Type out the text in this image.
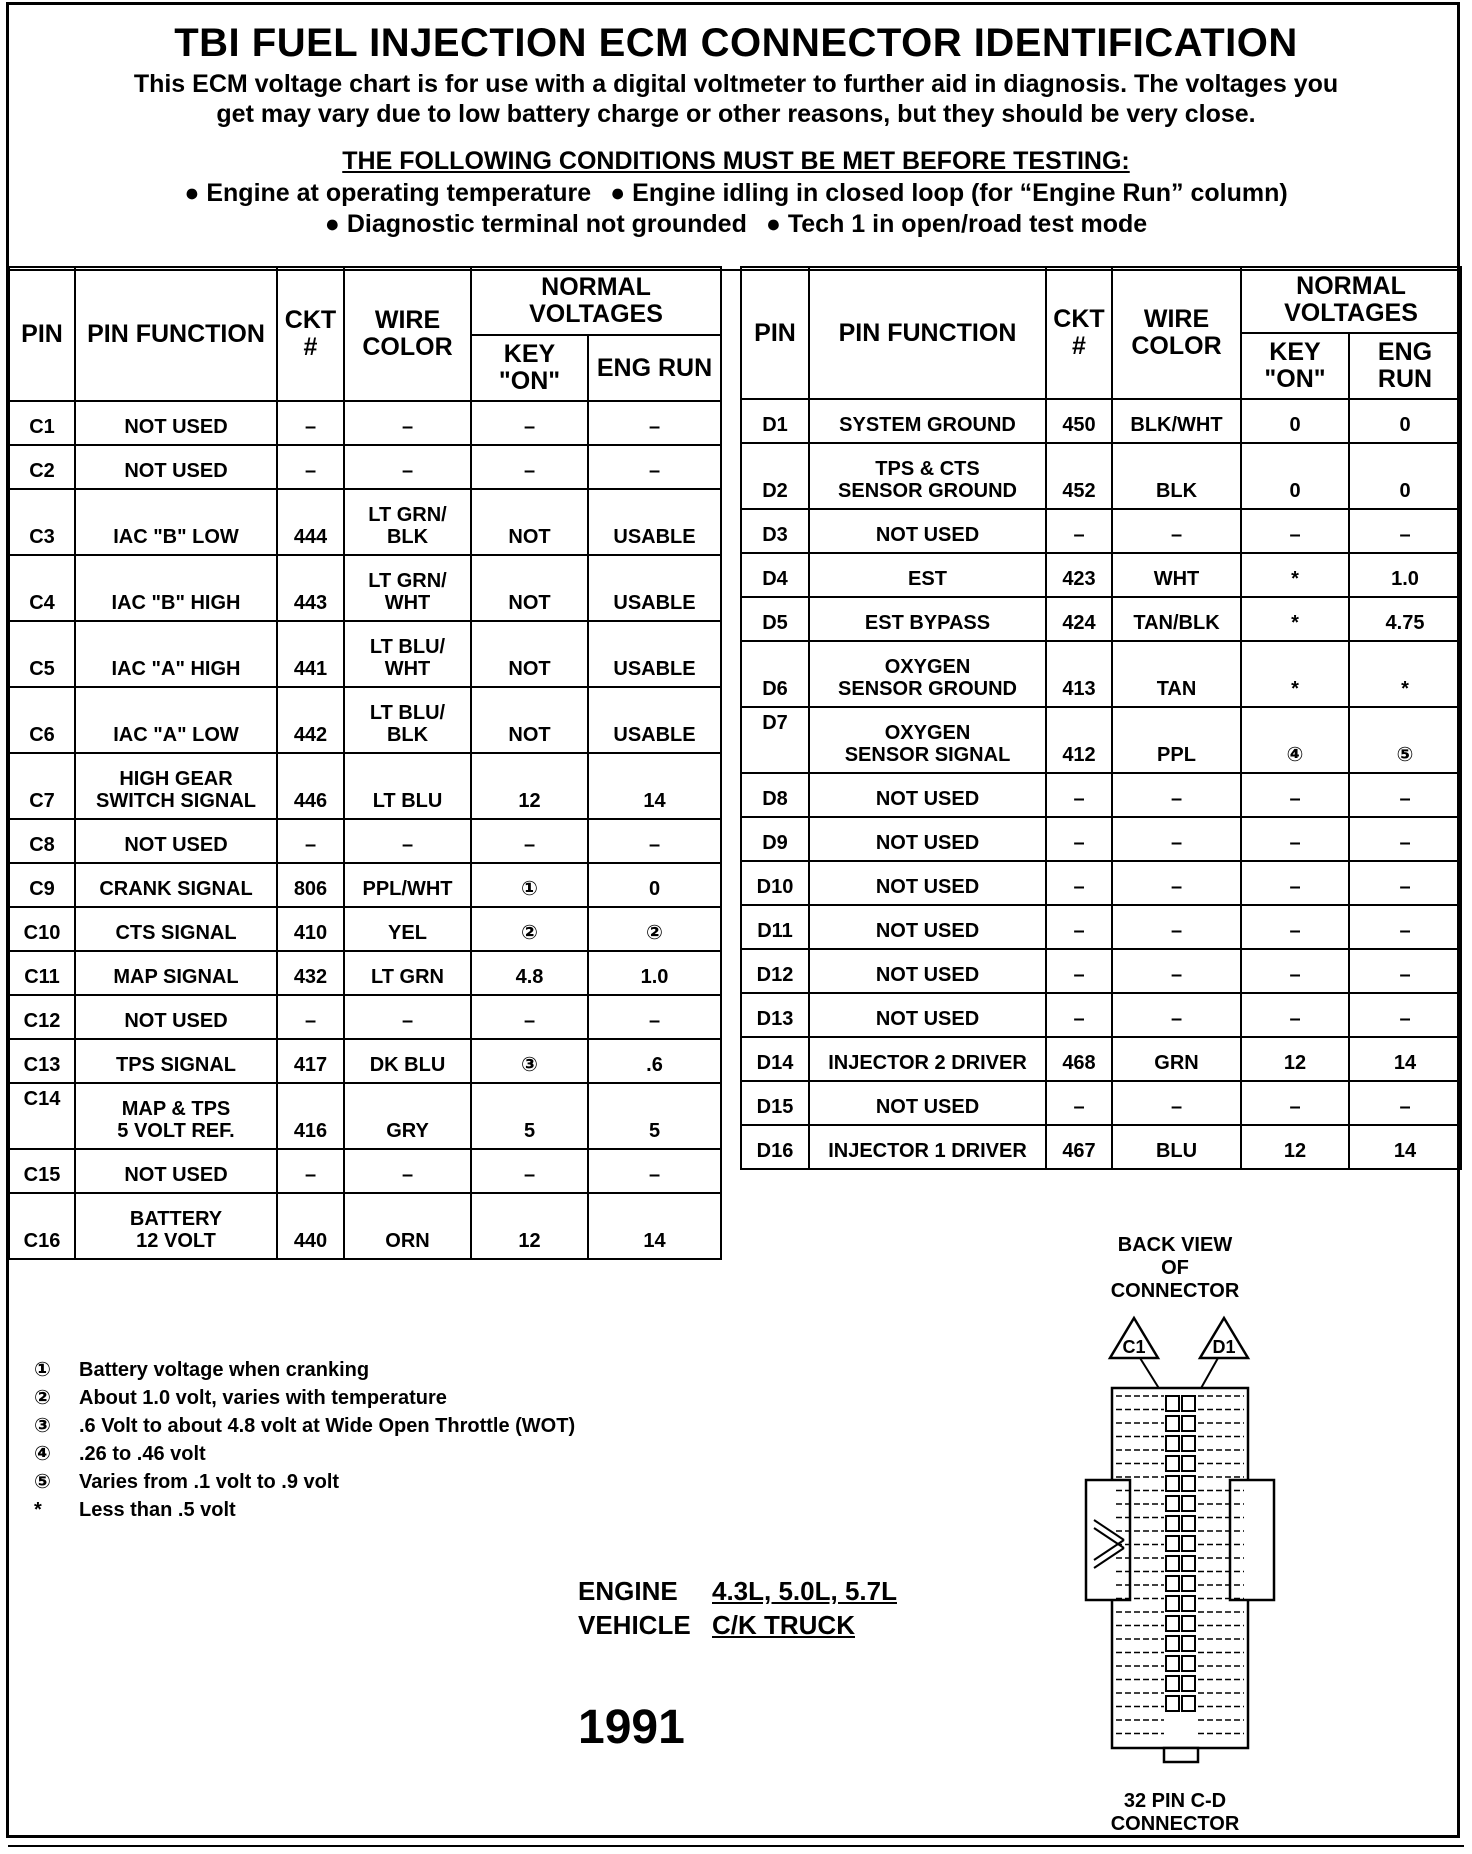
TBI FUEL INJECTION ECM CONNECTOR IDENTIFICATION
This ECM voltage chart is for use with a digital voltmeter to further aid in diagnosis. The voltages you
get may vary due to low battery charge or other reasons, but they should be very close.
THE FOLLOWING CONDITIONS MUST BE MET BEFORE TESTING:
● Engine at operating temperature ● Engine idling in closed loop (for “Engine Run” column)
● Diagnostic terminal not grounded ● Tech 1 in open/road test mode
PIN	PIN FUNCTION	CKT #	WIRE COLOR	NORMAL VOLTAGES	
				KEY "ON"	ENG RUN
C1	NOT USED	–	–	–	–
C2	NOT USED	–	–	–	–
C3	IAC "B" LOW	444	LT GRN/
BLK	NOT	USABLE
C4	IAC "B" HIGH	443	LT GRN/
WHT	NOT	USABLE
C5	IAC "A" HIGH	441	LT BLU/
WHT	NOT	USABLE
C6	IAC "A" LOW	442	LT BLU/
BLK	NOT	USABLE
C7	HIGH GEAR
SWITCH SIGNAL	446	LT BLU	12	14
C8	NOT USED	–	–	–	–
C9	CRANK SIGNAL	806	PPL/WHT	①	0
C10	CTS SIGNAL	410	YEL	②	②
C11	MAP SIGNAL	432	LT GRN	4.8	1.0
C12	NOT USED	–	–	–	–
C13	TPS SIGNAL	417	DK BLU	③	.6
C14	MAP & TPS
5 VOLT REF.	416	GRY	5	5
C15	NOT USED	–	–	–	–
C16	BATTERY
12 VOLT	440	ORN	12	14
PIN	PIN FUNCTION	CKT #	WIRE COLOR	NORMAL VOLTAGES	
				KEY "ON"	ENG RUN
D1	SYSTEM GROUND	450	BLK/WHT	0	0
D2	TPS & CTS
SENSOR GROUND	452	BLK	0	0
D3	NOT USED	–	–	–	–
D4	EST	423	WHT	*	1.0
D5	EST BYPASS	424	TAN/BLK	*	4.75
D6	OXYGEN
SENSOR GROUND	413	TAN	*	*
D7	OXYGEN
SENSOR SIGNAL	412	PPL	④	⑤
D8	NOT USED	–	–	–	–
D9	NOT USED	–	–	–	–
D10	NOT USED	–	–	–	–
D11	NOT USED	–	–	–	–
D12	NOT USED	–	–	–	–
D13	NOT USED	–	–	–	–
D14	INJECTOR 2 DRIVER	468	GRN	12	14
D15	NOT USED	–	–	–	–
D16	INJECTOR 1 DRIVER	467	BLU	12	14
①	Battery voltage when cranking
②	About 1.0 volt, varies with temperature
③	.6 Volt to about 4.8 volt at Wide Open Throttle (WOT)
④	.26 to .46 volt
⑤	Varies from .1 volt to .9 volt
*	Less than .5 volt
ENGINE	4.3L, 5.0L, 5.7L
VEHICLE C/K TRUCK
1991
BACK VIEW
OF
CONNECTOR
C1	D1
32 PIN C-D
CONNECTOR
